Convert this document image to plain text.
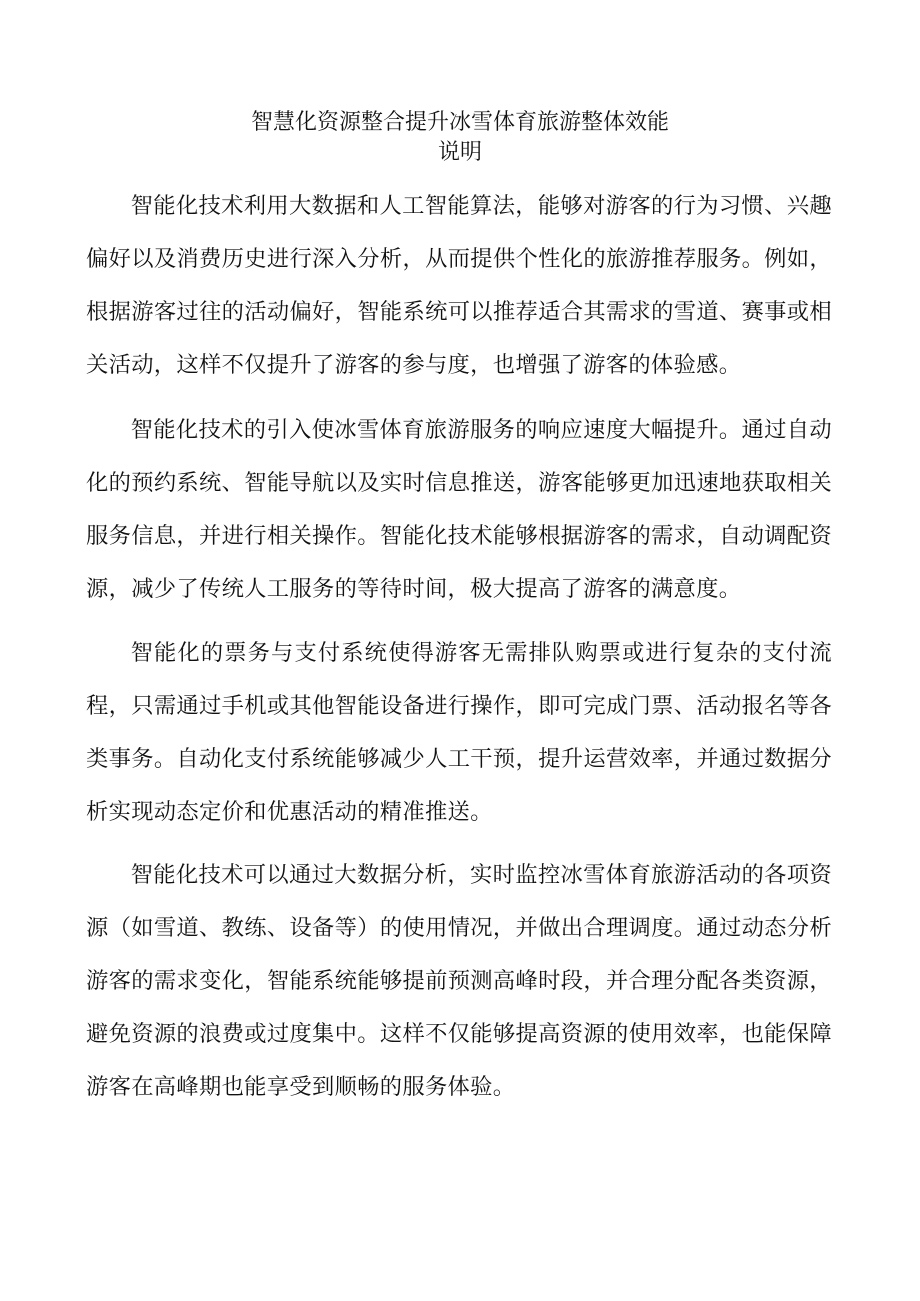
智慧化资源整合提升冰雪体育旅游整体效能
说明

智能化技术利用大数据和人工智能算法，能够对游客的行为习惯、兴趣偏好以及消费历史进行深入分析，从而提供个性化的旅游推荐服务。例如，根据游客过往的活动偏好，智能系统可以推荐适合其需求的雪道、赛事或相关活动，这样不仅提升了游客的参与度，也增强了游客的体验感。

智能化技术的引入使冰雪体育旅游服务的响应速度大幅提升。通过自动化的预约系统、智能导航以及实时信息推送，游客能够更加迅速地获取相关服务信息，并进行相关操作。智能化技术能够根据游客的需求，自动调配资源，减少了传统人工服务的等待时间，极大提高了游客的满意度。

智能化的票务与支付系统使得游客无需排队购票或进行复杂的支付流程，只需通过手机或其他智能设备进行操作，即可完成门票、活动报名等各类事务。自动化支付系统能够减少人工干预，提升运营效率，并通过数据分析实现动态定价和优惠活动的精准推送。

智能化技术可以通过大数据分析，实时监控冰雪体育旅游活动的各项资源（如雪道、教练、设备等）的使用情况，并做出合理调度。通过动态分析游客的需求变化，智能系统能够提前预测高峰时段，并合理分配各类资源，避免资源的浪费或过度集中。这样不仅能够提高资源的使用效率，也能保障游客在高峰期也能享受到顺畅的服务体验。
